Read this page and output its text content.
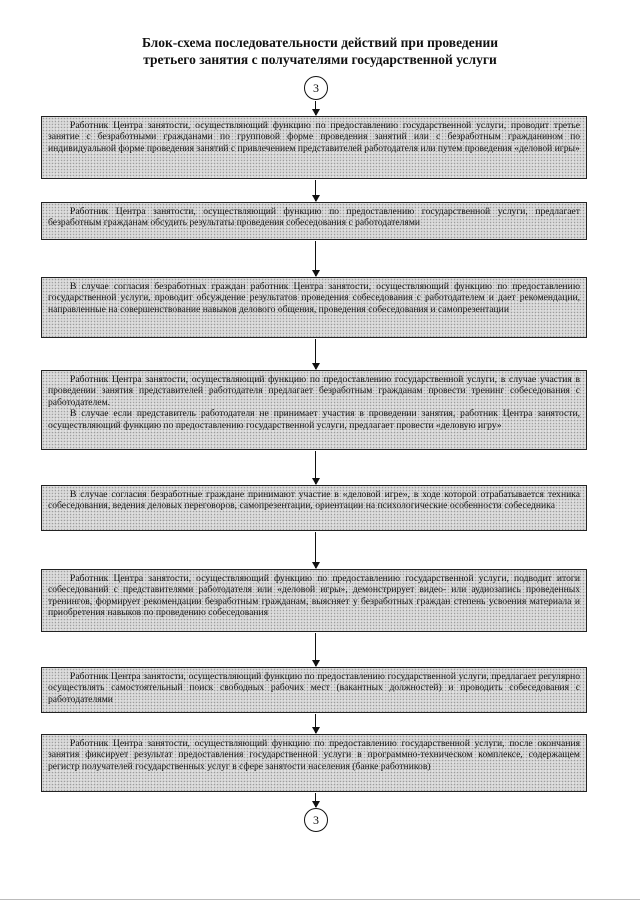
Блок-схема последовательности действий при проведении
третьего занятия с получателями государственной услуги
3

Работник Центра занятости, осуществляющий функцию по предоставлению государственной услуги, проводит третье занятие с безработными гражданами по групповой форме проведения занятий или с безработным гражданином по индивидуальной форме проведения занятий с привлечением представителей работодателя или путем проведения «деловой игры»

Работник Центра занятости, осуществляющий функцию по предоставлению государственной услуги, предлагает безработным гражданам обсудить результаты проведения собеседования с работодателями

В случае согласия безработных граждан работник Центра занятости, осуществляющий функцию по предоставлению государственной услуги, проводит обсуждение результатов проведения собеседования с работодателем и дает рекомендации, направленные на совершенствование навыков делового общения, проведения собеседования и самопрезентации

Работник Центра занятости, осуществляющий функцию по предоставлению государственной услуги, в случае участия в проведении занятия представителей работодателя предлагает безработным гражданам провести тренинг собеседования с работодателем.

В случае если представитель работодателя не принимает участия в проведении занятия, работник Центра занятости, осуществляющий функцию по предоставлению государственной услуги, предлагает провести «деловую игру»

В случае согласия безработные граждане принимают участие в «деловой игре», в ходе которой отрабатывается техника собеседования, ведения деловых переговоров, самопрезентации, ориентации на психологические особенности собеседника

Работник Центра занятости, осуществляющий функцию по предоставлению государственной услуги, подводит итоги собеседований с представителями работодателя или «деловой игры», демонстрирует видео- или аудиозапись проведенных тренингов, формирует рекомендации безработным гражданам, выясняет у безработных граждан степень усвоения материала и приобретения навыков по проведению собеседования

Работник Центра занятости, осуществляющий функцию по предоставлению государственной услуги, предлагает регулярно осуществлять самостоятельный поиск свободных рабочих мест (вакантных должностей) и проводить собеседования с работодателями

Работник Центра занятости, осуществляющий функцию по предоставлению государственной услуги, после окончания занятия фиксирует результат предоставления государственной услуги в программно-техническом комплексе, содержащем регистр получателей государственных услуг в сфере занятости населения (банке работников)

3
